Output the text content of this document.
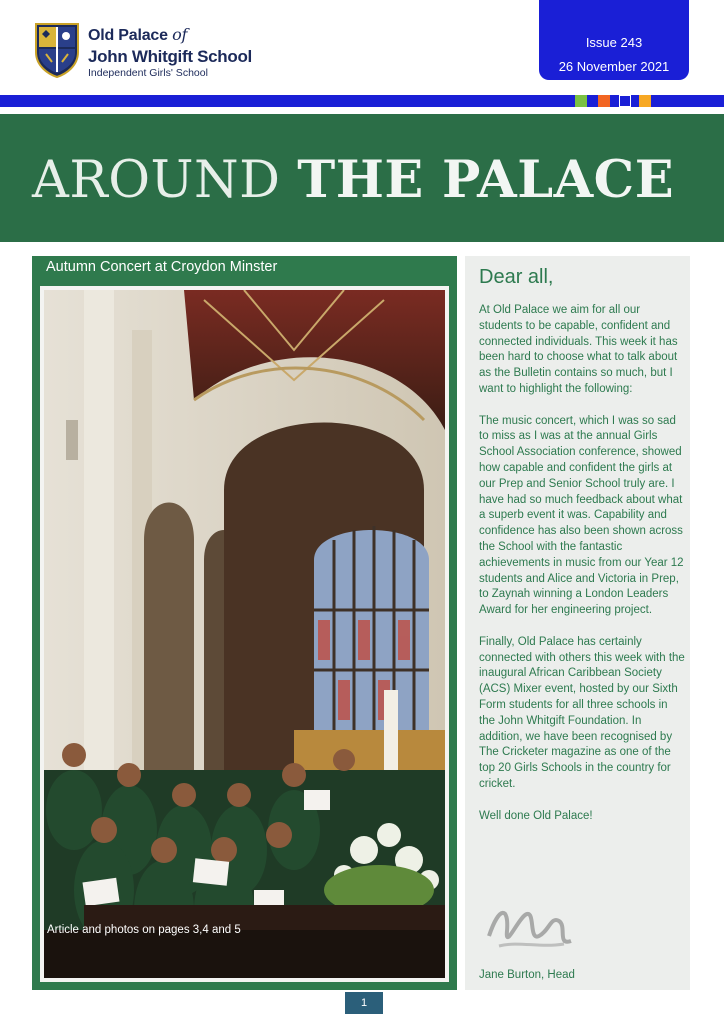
Old Palace of
John Whitgift School
Independent Girls' School
Issue 243
26 November 2021
AROUND THE PALACE
Autumn Concert at Croydon Minster
Article and photos on pages 3,4 and 5
Dear all,

At Old Palace we aim for all our students to be capable, confident and connected individuals. This week it has been hard to choose what to talk about as the Bulletin contains so much, but I want to highlight the following:

The music concert, which I was so sad to miss as I was at the annual Girls School Association conference, showed how capable and confident the girls at our Prep and Senior School truly are. I have had so much feedback about what a superb event it was. Capability and confidence has also been shown across the School with the fantastic achievements in music from our Year 12 students and Alice and Victoria in Prep, to Zaynah winning a London Leaders Award for her engineering project.

Finally, Old Palace has certainly connected with others this week with the inaugural African Caribbean Society (ACS) Mixer event, hosted by our Sixth Form students for all three schools in the John Whitgift Foundation. In addition, we have been recognised by The Cricketer magazine as one of the top 20 Girls Schools in the country for cricket.

Well done Old Palace!

Jane Burton, Head
1
